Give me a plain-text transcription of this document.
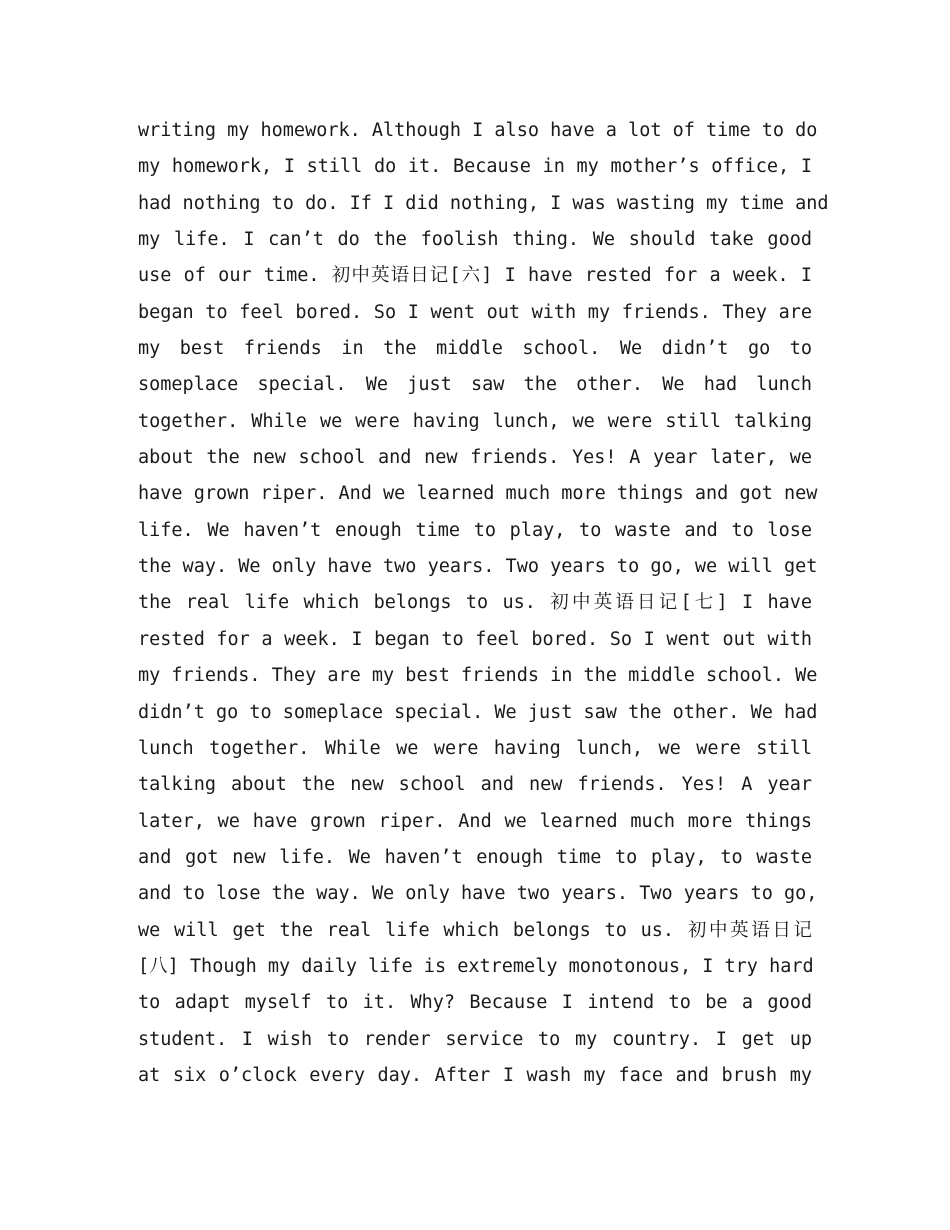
writing my homework. Although I also have a lot of time to do
my homework, I still do it. Because in my mother’s office, I
had nothing to do. If I did nothing, I was wasting my time and
my life. I can’t do the foolish thing. We should take good
use of our time. 初中英语日记[六] I have rested for a week. I
began to feel bored. So I went out with my friends. They are
my best friends in the middle school. We didn’t go to
someplace special. We just saw the other. We had lunch
together. While we were having lunch, we were still talking
about the new school and new friends. Yes! A year later, we
have grown riper. And we learned much more things and got new
life. We haven’t enough time to play, to waste and to lose
the way. We only have two years. Two years to go, we will get
the real life which belongs to us. 初中英语日记[七] I have
rested for a week. I began to feel bored. So I went out with
my friends. They are my best friends in the middle school. We
didn’t go to someplace special. We just saw the other. We had
lunch together. While we were having lunch, we were still
talking about the new school and new friends. Yes! A year
later, we have grown riper. And we learned much more things
and got new life. We haven’t enough time to play, to waste
and to lose the way. We only have two years. Two years to go,
we will get the real life which belongs to us. 初中英语日记
[八] Though my daily life is extremely monotonous, I try hard
to adapt myself to it. Why? Because I intend to be a good
student. I wish to render service to my country. I get up
at six o’clock every day. After I wash my face and brush my
